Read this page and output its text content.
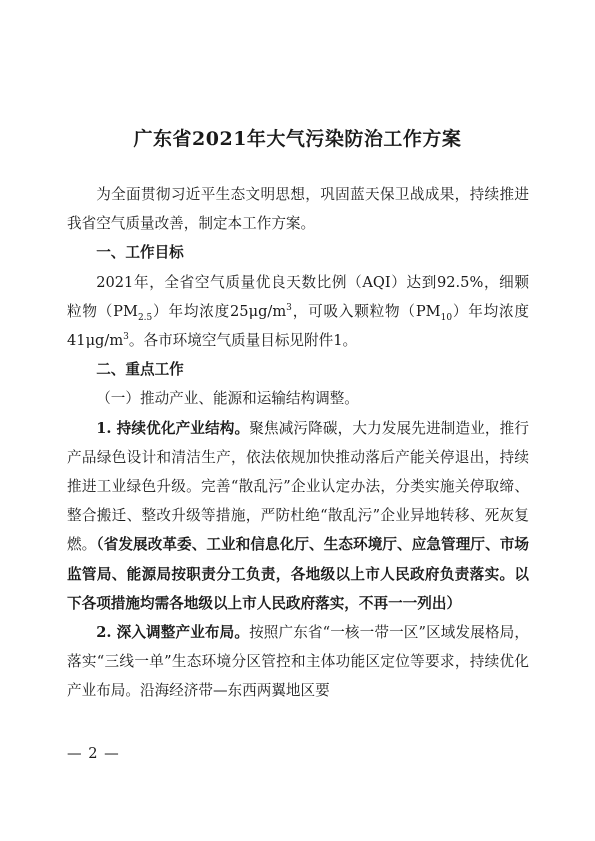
广东省2021年大气污染防治工作方案

为全面贯彻习近平生态文明思想，巩固蓝天保卫战成果，持续推进我省空气质量改善，制定本工作方案。

一、工作目标

2021年，全省空气质量优良天数比例（AQI）达到92.5%，细颗粒物$(PM_{2.5})$年均浓度$25\mu g/m^3$，可吸入颗粒物$(PM_{10})$年均浓度$41\mu g/m^3$。各市环境空气质量目标见附件1。

二、重点工作

（一）推动产业、能源和运输结构调整。

1. 持续优化产业结构。聚焦减污降碳，大力发展先进制造业，推行产品绿色设计和清洁生产，依法依规加快推动落后产能关停退出，持续推进工业绿色升级。完善“散乱污”企业认定办法，分类实施关停取缔、整合搬迁、整改升级等措施，严防杜绝“散乱污”企业异地转移、死灰复燃。（省发展改革委、工业和信息化厅、生态环境厅、应急管理厅、市场监管局、能源局按职责分工负责，各地级以上市人民政府负责落实。以下各项措施均需各地级以上市人民政府落实，不再一一列出）

2. 深入调整产业布局。按照广东省“一核一带一区”区域发展格局，落实“三线一单”生态环境分区管控和主体功能区定位等要求，持续优化产业布局。沿海经济带—东西两翼地区要

— 2 —
